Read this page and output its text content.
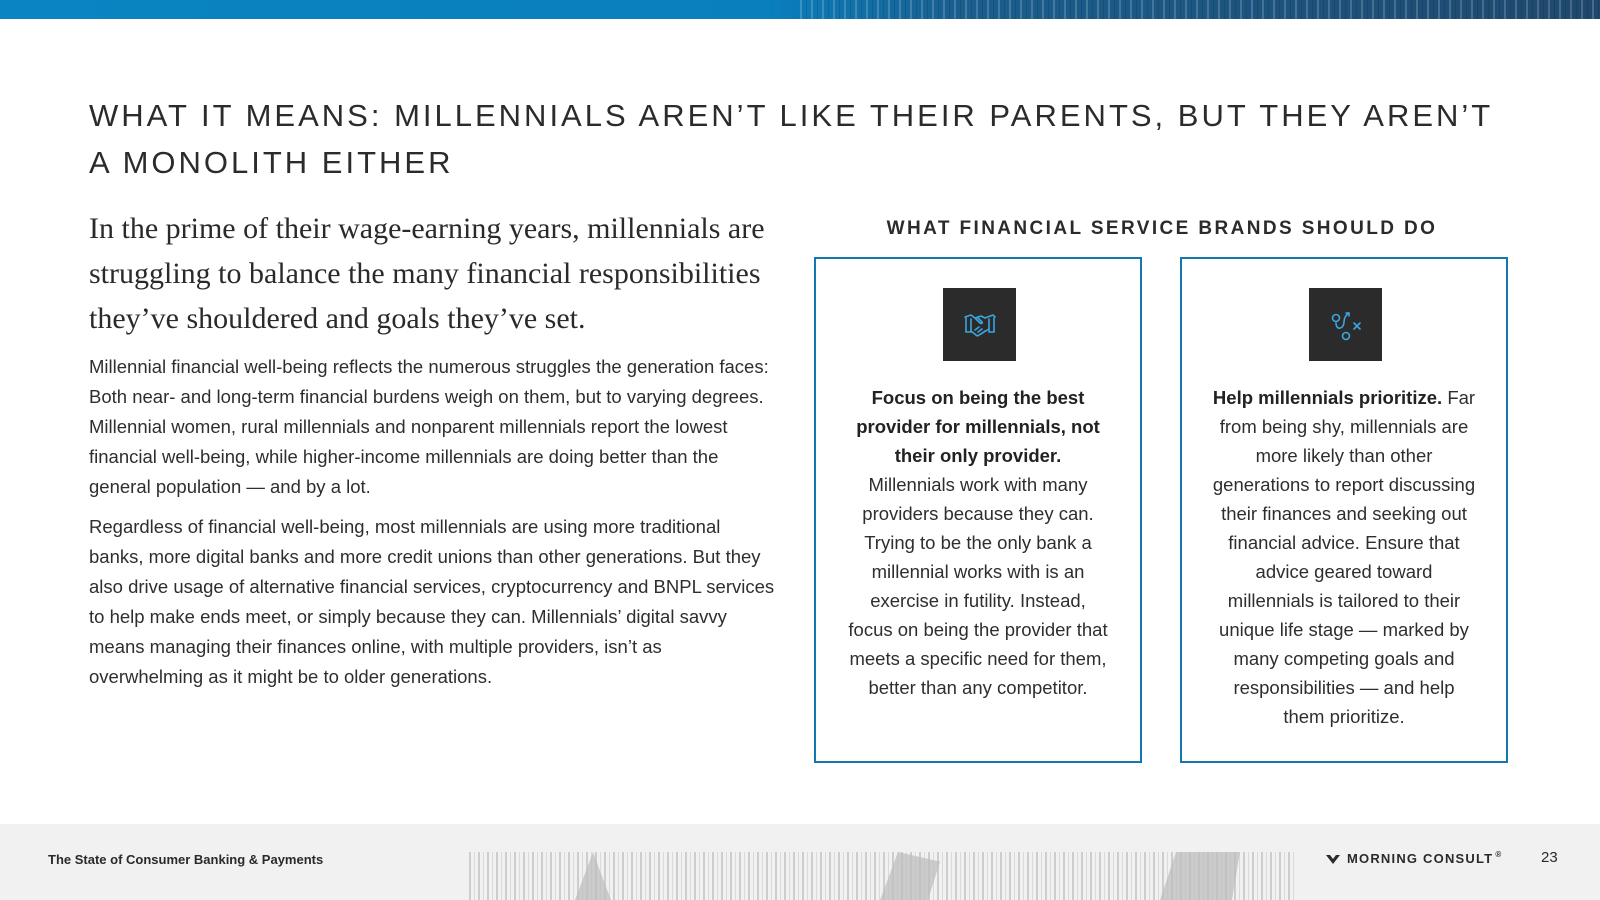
WHAT IT MEANS: MILLENNIALS AREN’T LIKE THEIR PARENTS, BUT THEY AREN’T A MONOLITH EITHER

In the prime of their wage-earning years, millennials are struggling to balance the many financial responsibilities they’ve shouldered and goals they’ve set.

Millennial financial well-being reflects the numerous struggles the generation faces: Both near- and long-term financial burdens weigh on them, but to varying degrees. Millennial women, rural millennials and nonparent millennials report the lowest financial well-being, while higher-income millennials are doing better than the general population — and by a lot.

Regardless of financial well-being, most millennials are using more traditional banks, more digital banks and more credit unions than other generations. But they also drive usage of alternative financial services, cryptocurrency and BNPL services to help make ends meet, or simply because they can. Millennials’ digital savvy means managing their finances online, with multiple providers, isn’t as overwhelming as it might be to older generations.

WHAT FINANCIAL SERVICE BRANDS SHOULD DO
Focus on being the best provider for millennials, not their only provider.
Millennials work with many providers because they can. Trying to be the only bank a millennial works with is an exercise in futility. Instead, focus on being the provider that meets a specific need for them, better than any competitor.
Help millennials prioritize. Far from being shy, millennials are more likely than other generations to report discussing their finances and seeking out financial advice. Ensure that advice geared toward millennials is tailored to their unique life stage — marked by many competing goals and responsibilities — and help them prioritize.
The State of Consumer Banking & Payments	MORNING CONSULT ®	23
